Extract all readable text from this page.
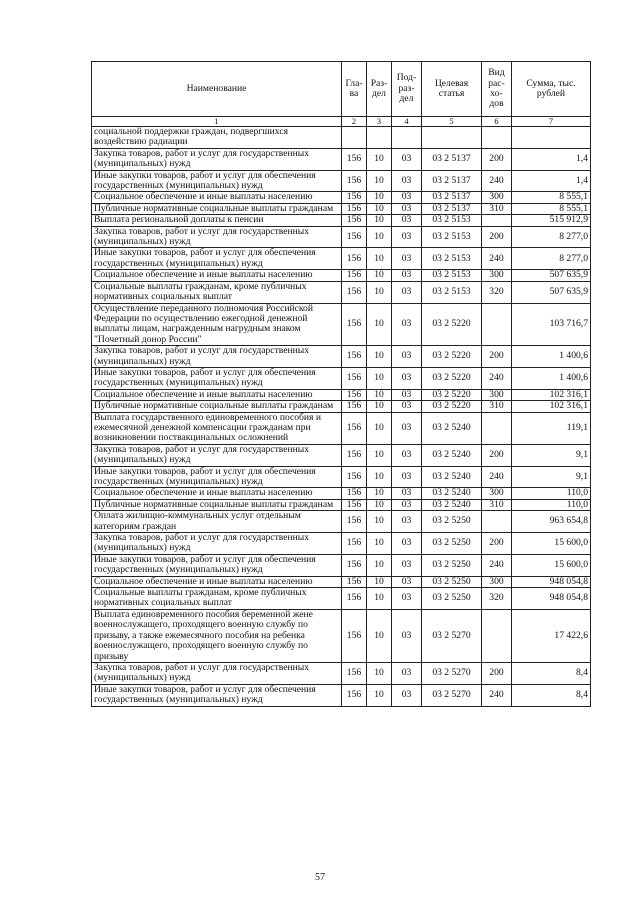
Наименование	Гла-ва	Раз-дел	Под-раз-дел	Целевая статья	Вид рас-хо-дов	Сумма, тыс. рублей
1	2	3	4	5	6	7
социальной поддержки граждан, подвергшихся воздействию радиации						
Закупка товаров, работ и услуг для государственных (муниципальных) нужд	156	10	03	03 2 5137	200	1,4
Иные закупки товаров, работ и услуг для обеспечения государственных (муниципальных) нужд	156	10	03	03 2 5137	240	1,4
Социальное обеспечение и иные выплаты населению	156	10	03	03 2 5137	300	8 555,1
Публичные нормативные социальные выплаты гражданам	156	10	03	03 2 5137	310	8 555,1
Выплата региональной доплаты к пенсии	156	10	03	03 2 5153		515 912,9
Закупка товаров, работ и услуг для государственных (муниципальных) нужд	156	10	03	03 2 5153	200	8 277,0
Иные закупки товаров, работ и услуг для обеспечения государственных (муниципальных) нужд	156	10	03	03 2 5153	240	8 277,0
Социальное обеспечение и иные выплаты населению	156	10	03	03 2 5153	300	507 635,9
Социальные выплаты гражданам, кроме публичных нормативных социальных выплат	156	10	03	03 2 5153	320	507 635,9
Осуществление переданного полномочия Российской Федерации по осуществлению ежегодной денежной выплаты лицам, награжденным нагрудным знаком "Почетный донор России"	156	10	03	03 2 5220		103 716,7
Закупка товаров, работ и услуг для государственных (муниципальных) нужд	156	10	03	03 2 5220	200	1 400,6
Иные закупки товаров, работ и услуг для обеспечения государственных (муниципальных) нужд	156	10	03	03 2 5220	240	1 400,6
Социальное обеспечение и иные выплаты населению	156	10	03	03 2 5220	300	102 316,1
Публичные нормативные социальные выплаты гражданам	156	10	03	03 2 5220	310	102 316,1
Выплата государственного единовременного пособия и ежемесячной денежной компенсации гражданам при возникновении поствакцинальных осложнений	156	10	03	03 2 5240		119,1
Закупка товаров, работ и услуг для государственных (муниципальных) нужд	156	10	03	03 2 5240	200	9,1
Иные закупки товаров, работ и услуг для обеспечения государственных (муниципальных) нужд	156	10	03	03 2 5240	240	9,1
Социальное обеспечение и иные выплаты населению	156	10	03	03 2 5240	300	110,0
Публичные нормативные социальные выплаты гражданам	156	10	03	03 2 5240	310	110,0
Оплата жилищно-коммунальных услуг отдельным категориям граждан	156	10	03	03 2 5250		963 654,8
Закупка товаров, работ и услуг для государственных (муниципальных) нужд	156	10	03	03 2 5250	200	15 600,0
Иные закупки товаров, работ и услуг для обеспечения государственных (муниципальных) нужд	156	10	03	03 2 5250	240	15 600,0
Социальное обеспечение и иные выплаты населению	156	10	03	03 2 5250	300	948 054,8
Социальные выплаты гражданам, кроме публичных нормативных социальных выплат	156	10	03	03 2 5250	320	948 054,8
Выплата единовременного пособия беременной жене военнослужащего, проходящего военную службу по призыву, а также ежемесячного пособия на ребенка военнослужащего, проходящего военную службу по призыву	156	10	03	03 2 5270		17 422,6
Закупка товаров, работ и услуг для государственных (муниципальных) нужд	156	10	03	03 2 5270	200	8,4
Иные закупки товаров, работ и услуг для обеспечения государственных (муниципальных) нужд	156	10	03	03 2 5270	240	8,4
57
